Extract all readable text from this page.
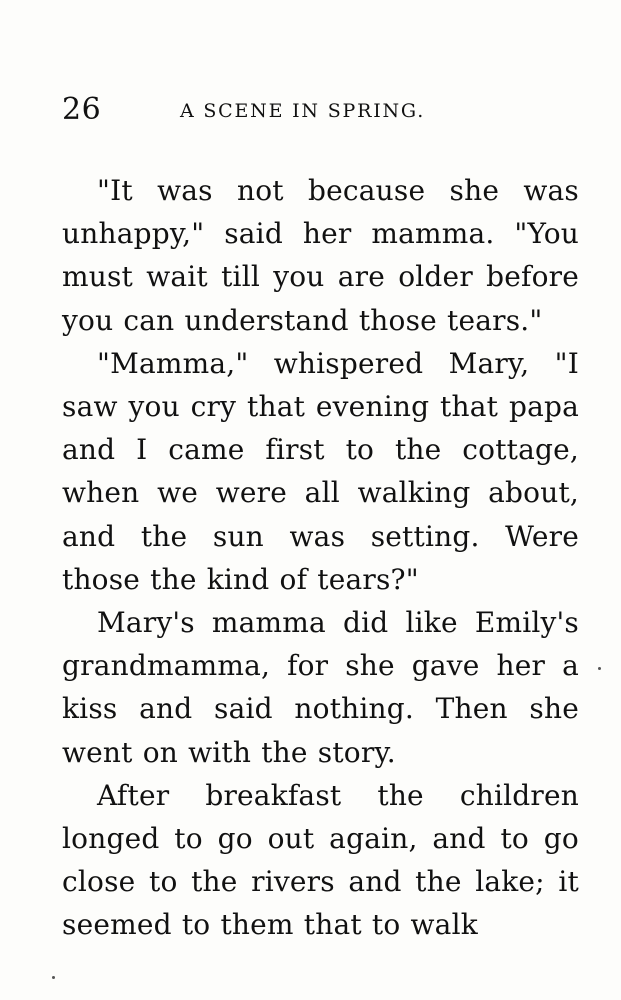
26	A SCENE IN SPRING.

"It was not because she was unhappy," said her mamma. "You must wait till you are older before you can understand those tears."

"Mamma," whispered Mary, "I saw you cry that evening that papa and I came first to the cottage, when we were all walking about, and the sun was setting. Were those the kind of tears?"

Mary's mamma did like Emily's grandmamma, for she gave her a kiss and said nothing. Then she went on with the story.

After breakfast the children longed to go out again, and to go close to the rivers and the lake; it seemed to them that to walk
